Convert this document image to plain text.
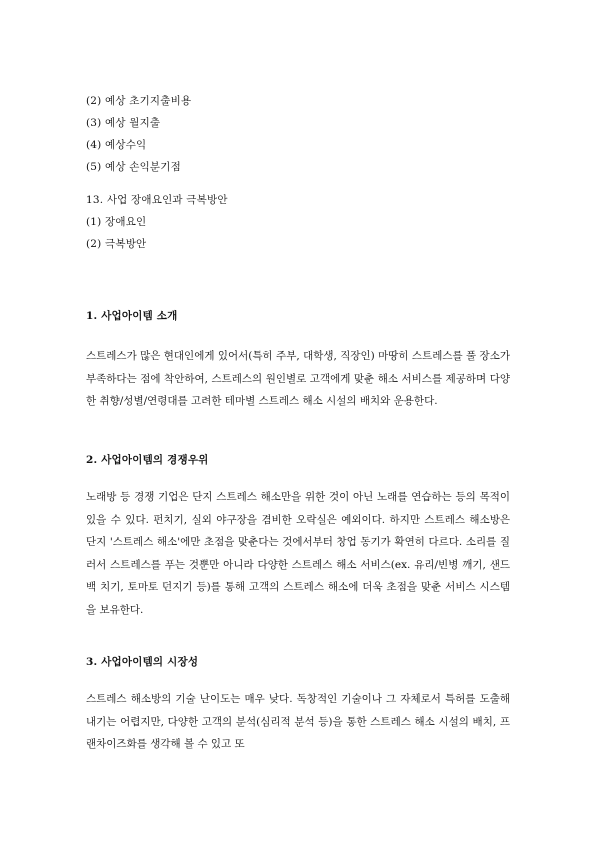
(2) 예상 초기지출비용
(3) 예상 월지출
(4) 예상수익
(5) 예상 손익분기점
13. 사업 장애요인과 극복방안
(1) 장애요인
(2) 극복방안
1. 사업아이템 소개
스트레스가 많은 현대인에게 있어서(특히 주부, 대학생, 직장인) 마땅히 스트레스를 풀 장소가 부족하다는 점에 착안하여, 스트레스의 원인별로 고객에게 맞춘 해소 서비스를 제공하며 다양한 취향/성별/연령대를 고려한 테마별 스트레스 해소 시설의 배치와 운용한다.
2. 사업아이템의 경쟁우위
노래방 등 경쟁 기업은 단지 스트레스 해소만을 위한 것이 아닌 노래를 연습하는 등의 목적이 있을 수 있다. 펀치기, 실외 야구장을 겸비한 오락실은 예외이다. 하지만 스트레스 해소방은 단지 '스트레스 해소'에만 초점을 맞춘다는 것에서부터 창업 동기가 확연히 다르다. 소리를 질러서 스트레스를 푸는 것뿐만 아니라 다양한 스트레스 해소 서비스(ex. 유리/빈병 깨기, 샌드백 치기, 토마토 던지기 등)를 통해 고객의 스트레스 해소에 더욱 초점을 맞춘 서비스 시스템을 보유한다.
3. 사업아이템의 시장성
스트레스 해소방의 기술 난이도는 매우 낮다. 독창적인 기술이나 그 자체로서 특허를 도출해 내기는 어렵지만, 다양한 고객의 분석(심리적 분석 등)을 통한 스트레스 해소 시설의 배치, 프랜차이즈화를 생각해 볼 수 있고 또
